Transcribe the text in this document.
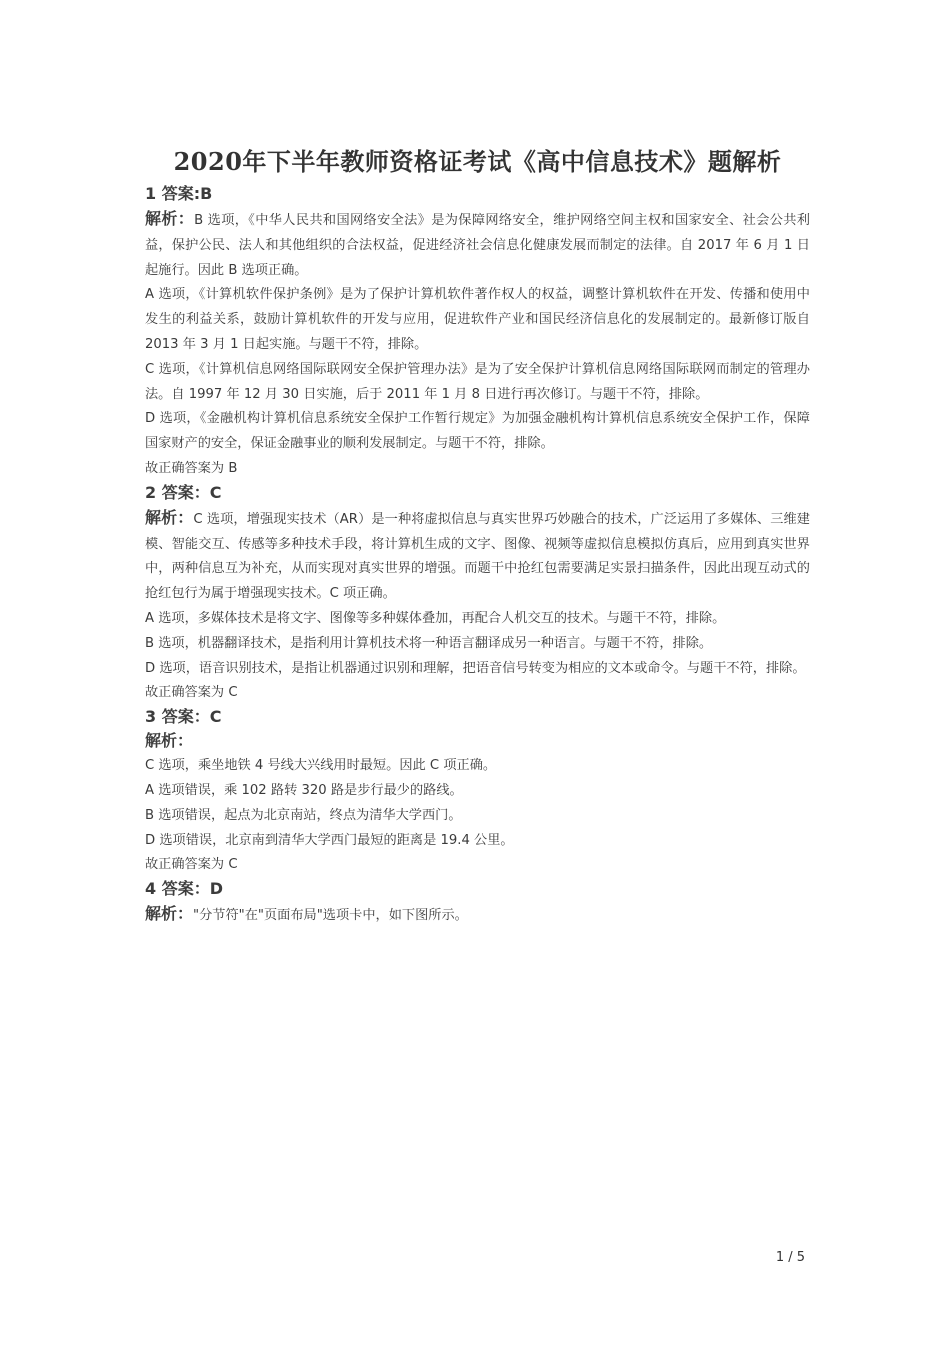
2020年下半年教师资格证考试《高中信息技术》题解析
1 答案:B

解析：B 选项，《中华人民共和国网络安全法》是为保障网络安全，维护网络空间主权和国家安全、社会公共利益，保护公民、法人和其他组织的合法权益，促进经济社会信息化健康发展而制定的法律。自 2017 年 6 月 1 日起施行。因此 B 选项正确。

A 选项，《计算机软件保护条例》是为了保护计算机软件著作权人的权益，调整计算机软件在开发、传播和使用中发生的利益关系，鼓励计算机软件的开发与应用，促进软件产业和国民经济信息化的发展制定的。最新修订版自 2013 年 3 月 1 日起实施。与题干不符，排除。

C 选项，《计算机信息网络国际联网安全保护管理办法》是为了安全保护计算机信息网络国际联网而制定的管理办法。自 1997 年 12 月 30 日实施，后于 2011 年 1 月 8 日进行再次修订。与题干不符，排除。

D 选项，《金融机构计算机信息系统安全保护工作暂行规定》为加强金融机构计算机信息系统安全保护工作，保障国家财产的安全，保证金融事业的顺利发展制定。与题干不符，排除。

故正确答案为 B

2 答案：C

解析：C 选项，增强现实技术（AR）是一种将虚拟信息与真实世界巧妙融合的技术，广泛运用了多媒体、三维建模、智能交互、传感等多种技术手段，将计算机生成的文字、图像、视频等虚拟信息模拟仿真后，应用到真实世界中，两种信息互为补充，从而实现对真实世界的增强。而题干中抢红包需要满足实景扫描条件，因此出现互动式的抢红包行为属于增强现实技术。C 项正确。

A 选项，多媒体技术是将文字、图像等多种媒体叠加，再配合人机交互的技术。与题干不符，排除。

B 选项，机器翻译技术，是指利用计算机技术将一种语言翻译成另一种语言。与题干不符，排除。

D 选项，语音识别技术，是指让机器通过识别和理解，把语音信号转变为相应的文本或命令。与题干不符，排除。

故正确答案为 C

3 答案：C
解析：

C 选项，乘坐地铁 4 号线大兴线用时最短。因此 C 项正确。

A 选项错误，乘 102 路转 320 路是步行最少的路线。

B 选项错误，起点为北京南站，终点为清华大学西门。

D 选项错误，北京南到清华大学西门最短的距离是 19.4 公里。

故正确答案为 C

4 答案：D

解析："分节符"在"页面布局"选项卡中，如下图所示。

1 / 5
